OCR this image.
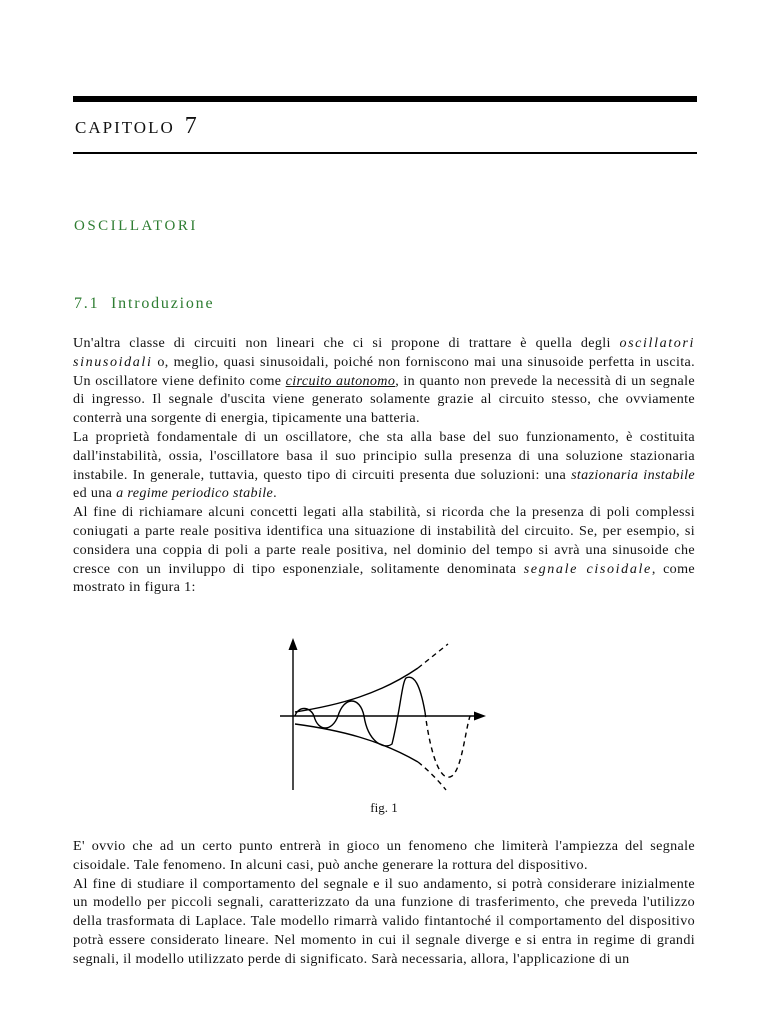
CAPITOLO 7
OSCILLATORI
7.1 Introduzione

Un'altra classe di circuiti non lineari che ci si propone di trattare è quella degli oscillatori sinusoidali o, meglio, quasi sinusoidali, poiché non forniscono mai una sinusoide perfetta in uscita. Un oscillatore viene definito come circuito autonomo, in quanto non prevede la necessità di un segnale di ingresso. Il segnale d'uscita viene generato solamente grazie al circuito stesso, che ovviamente conterrà una sorgente di energia, tipicamente una batteria.

La proprietà fondamentale di un oscillatore, che sta alla base del suo funzionamento, è costituita dall'instabilità, ossia, l'oscillatore basa il suo principio sulla presenza di una soluzione stazionaria instabile. In generale, tuttavia, questo tipo di circuiti presenta due soluzioni: una stazionaria instabile ed una a regime periodico stabile.

Al fine di richiamare alcuni concetti legati alla stabilità, si ricorda che la presenza di poli complessi coniugati a parte reale positiva identifica una situazione di instabilità del circuito. Se, per esempio, si considera una coppia di poli a parte reale positiva, nel dominio del tempo si avrà una sinusoide che cresce con un inviluppo di tipo esponenziale, solitamente denominata segnale cisoidale, come mostrato in figura 1:

fig. 1

E' ovvio che ad un certo punto entrerà in gioco un fenomeno che limiterà l'ampiezza del segnale cisoidale. Tale fenomeno. In alcuni casi, può anche generare la rottura del dispositivo.

Al fine di studiare il comportamento del segnale e il suo andamento, si potrà considerare inizialmente un modello per piccoli segnali, caratterizzato da una funzione di trasferimento, che preveda l'utilizzo della trasformata di Laplace. Tale modello rimarrà valido fintantoché il comportamento del dispositivo potrà essere considerato lineare. Nel momento in cui il segnale diverge e si entra in regime di grandi segnali, il modello utilizzato perde di significato. Sarà necessaria, allora, l'applicazione di un
